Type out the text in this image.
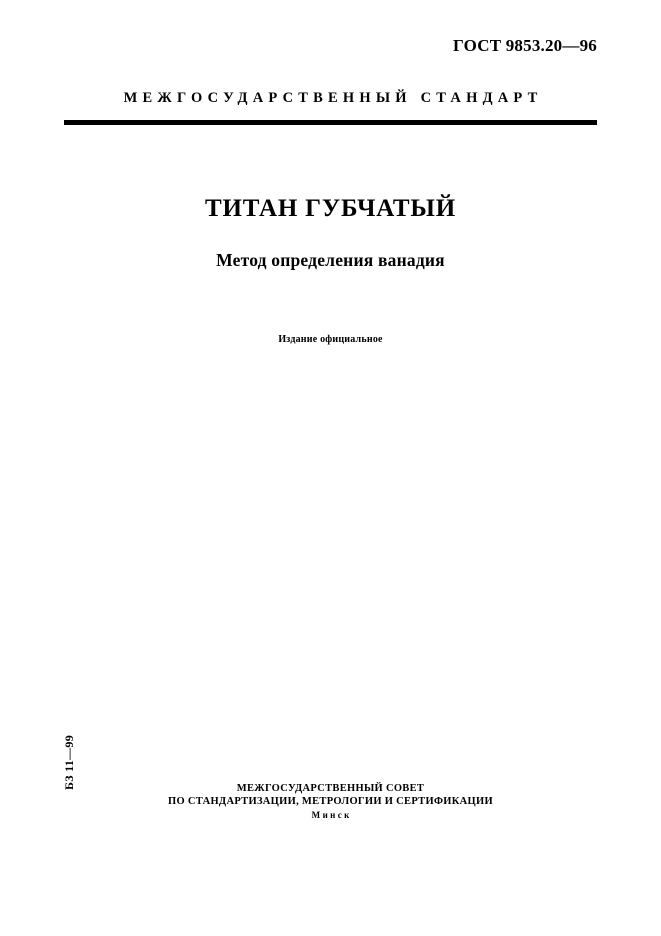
ГОСТ 9853.20—96
МЕЖГОСУДАРСТВЕННЫЙ СТАНДАРТ
ТИТАН ГУБЧАТЫЙ
Метод определения ванадия
Издание официальное
БЗ 11—99	МЕЖГОСУДАРСТВЕННЫЙ СОВЕТ
ПО СТАНДАРТИЗАЦИИ, МЕТРОЛОГИИ И СЕРТИФИКАЦИИ
Минск
